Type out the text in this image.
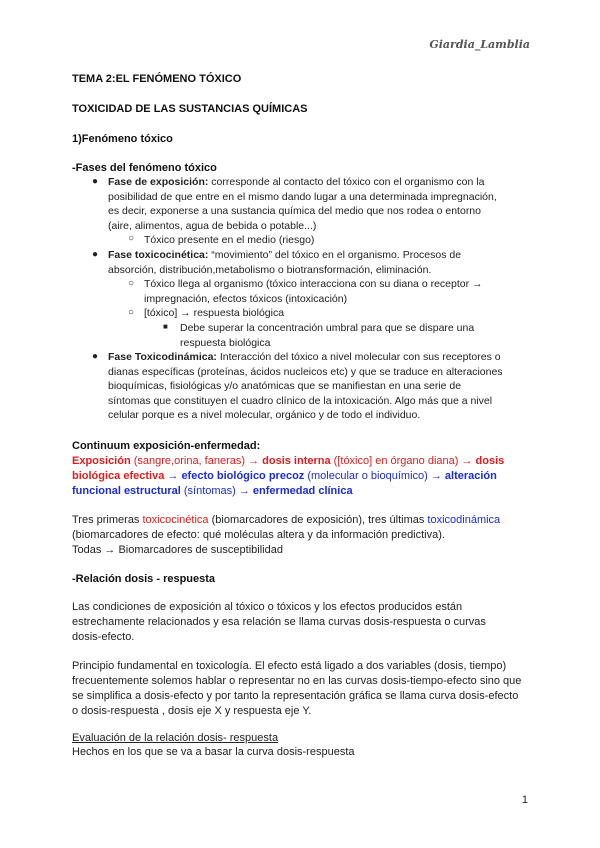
Giardia_Lamblia
TEMA 2:EL FENÓMENO TÓXICO
TOXICIDAD DE LAS SUSTANCIAS QUÍMICAS
1)Fenómeno tóxico
-Fases del fenómeno tóxico
● Fase de exposición: corresponde al contacto del tóxico con el organismo con la
posibilidad de que entre en el mismo dando lugar a una determinada impregnación,
es decir, exponerse a una sustancia química del medio que nos rodea o entorno
(aire, alimentos, agua de bebida o potable...)
○ Tóxico presente en el medio (riesgo)
● Fase toxicocinética: “movimiento” del tóxico en el organismo. Procesos de
absorción, distribución,metabolismo o biotransformación, eliminación.
○ Tóxico llega al organismo (tóxico interacciona con su diana o receptor →
impregnación, efectos tóxicos (intoxicación)
○ [tóxico] → respuesta biológica
■ Debe superar la concentración umbral para que se dispare una
respuesta biológica
● Fase Toxicodinámica: Interacción del tóxico a nivel molecular con sus receptores o
dianas específicas (proteínas, ácidos nucleicos etc) y que se traduce en alteraciones
bioquímicas, fisiológicas y/o anatómicas que se manifiestan en una serie de
síntomas que constituyen el cuadro clínico de la intoxicación. Algo más que a nivel
celular porque es a nivel molecular, orgánico y de todo el individuo.
Continuum exposición-enfermedad:
Exposición (sangre,orina, faneras) → dosis interna ([tóxico] en órgano diana) → dosis
biológica efectiva → efecto biológico precoz (molecular o bioquímico) → alteración
funcional estructural (síntomas) → enfermedad clínica
Tres primeras toxicocinética (biomarcadores de exposición), tres últimas toxicodinámica
(biomarcadores de efecto: qué moléculas altera y da información predictiva).
Todas → Biomarcadores de susceptibilidad
-Relación dosis - respuesta
Las condiciones de exposición al tóxico o tóxicos y los efectos producidos están
estrechamente relacionados y esa relación se llama curvas dosis-respuesta o curvas
dosis-efecto.
Principio fundamental en toxicología. El efecto está ligado a dos variables (dosis, tiempo)
frecuentemente solemos hablar o representar no en las curvas dosis-tiempo-efecto sino que
se simplifica a dosis-efecto y por tanto la representación gráfica se llama curva dosis-efecto
o dosis-respuesta , dosis eje X y respuesta eje Y.
Evaluación de la relación dosis- respuesta
Hechos en los que se va a basar la curva dosis-respuesta
1
